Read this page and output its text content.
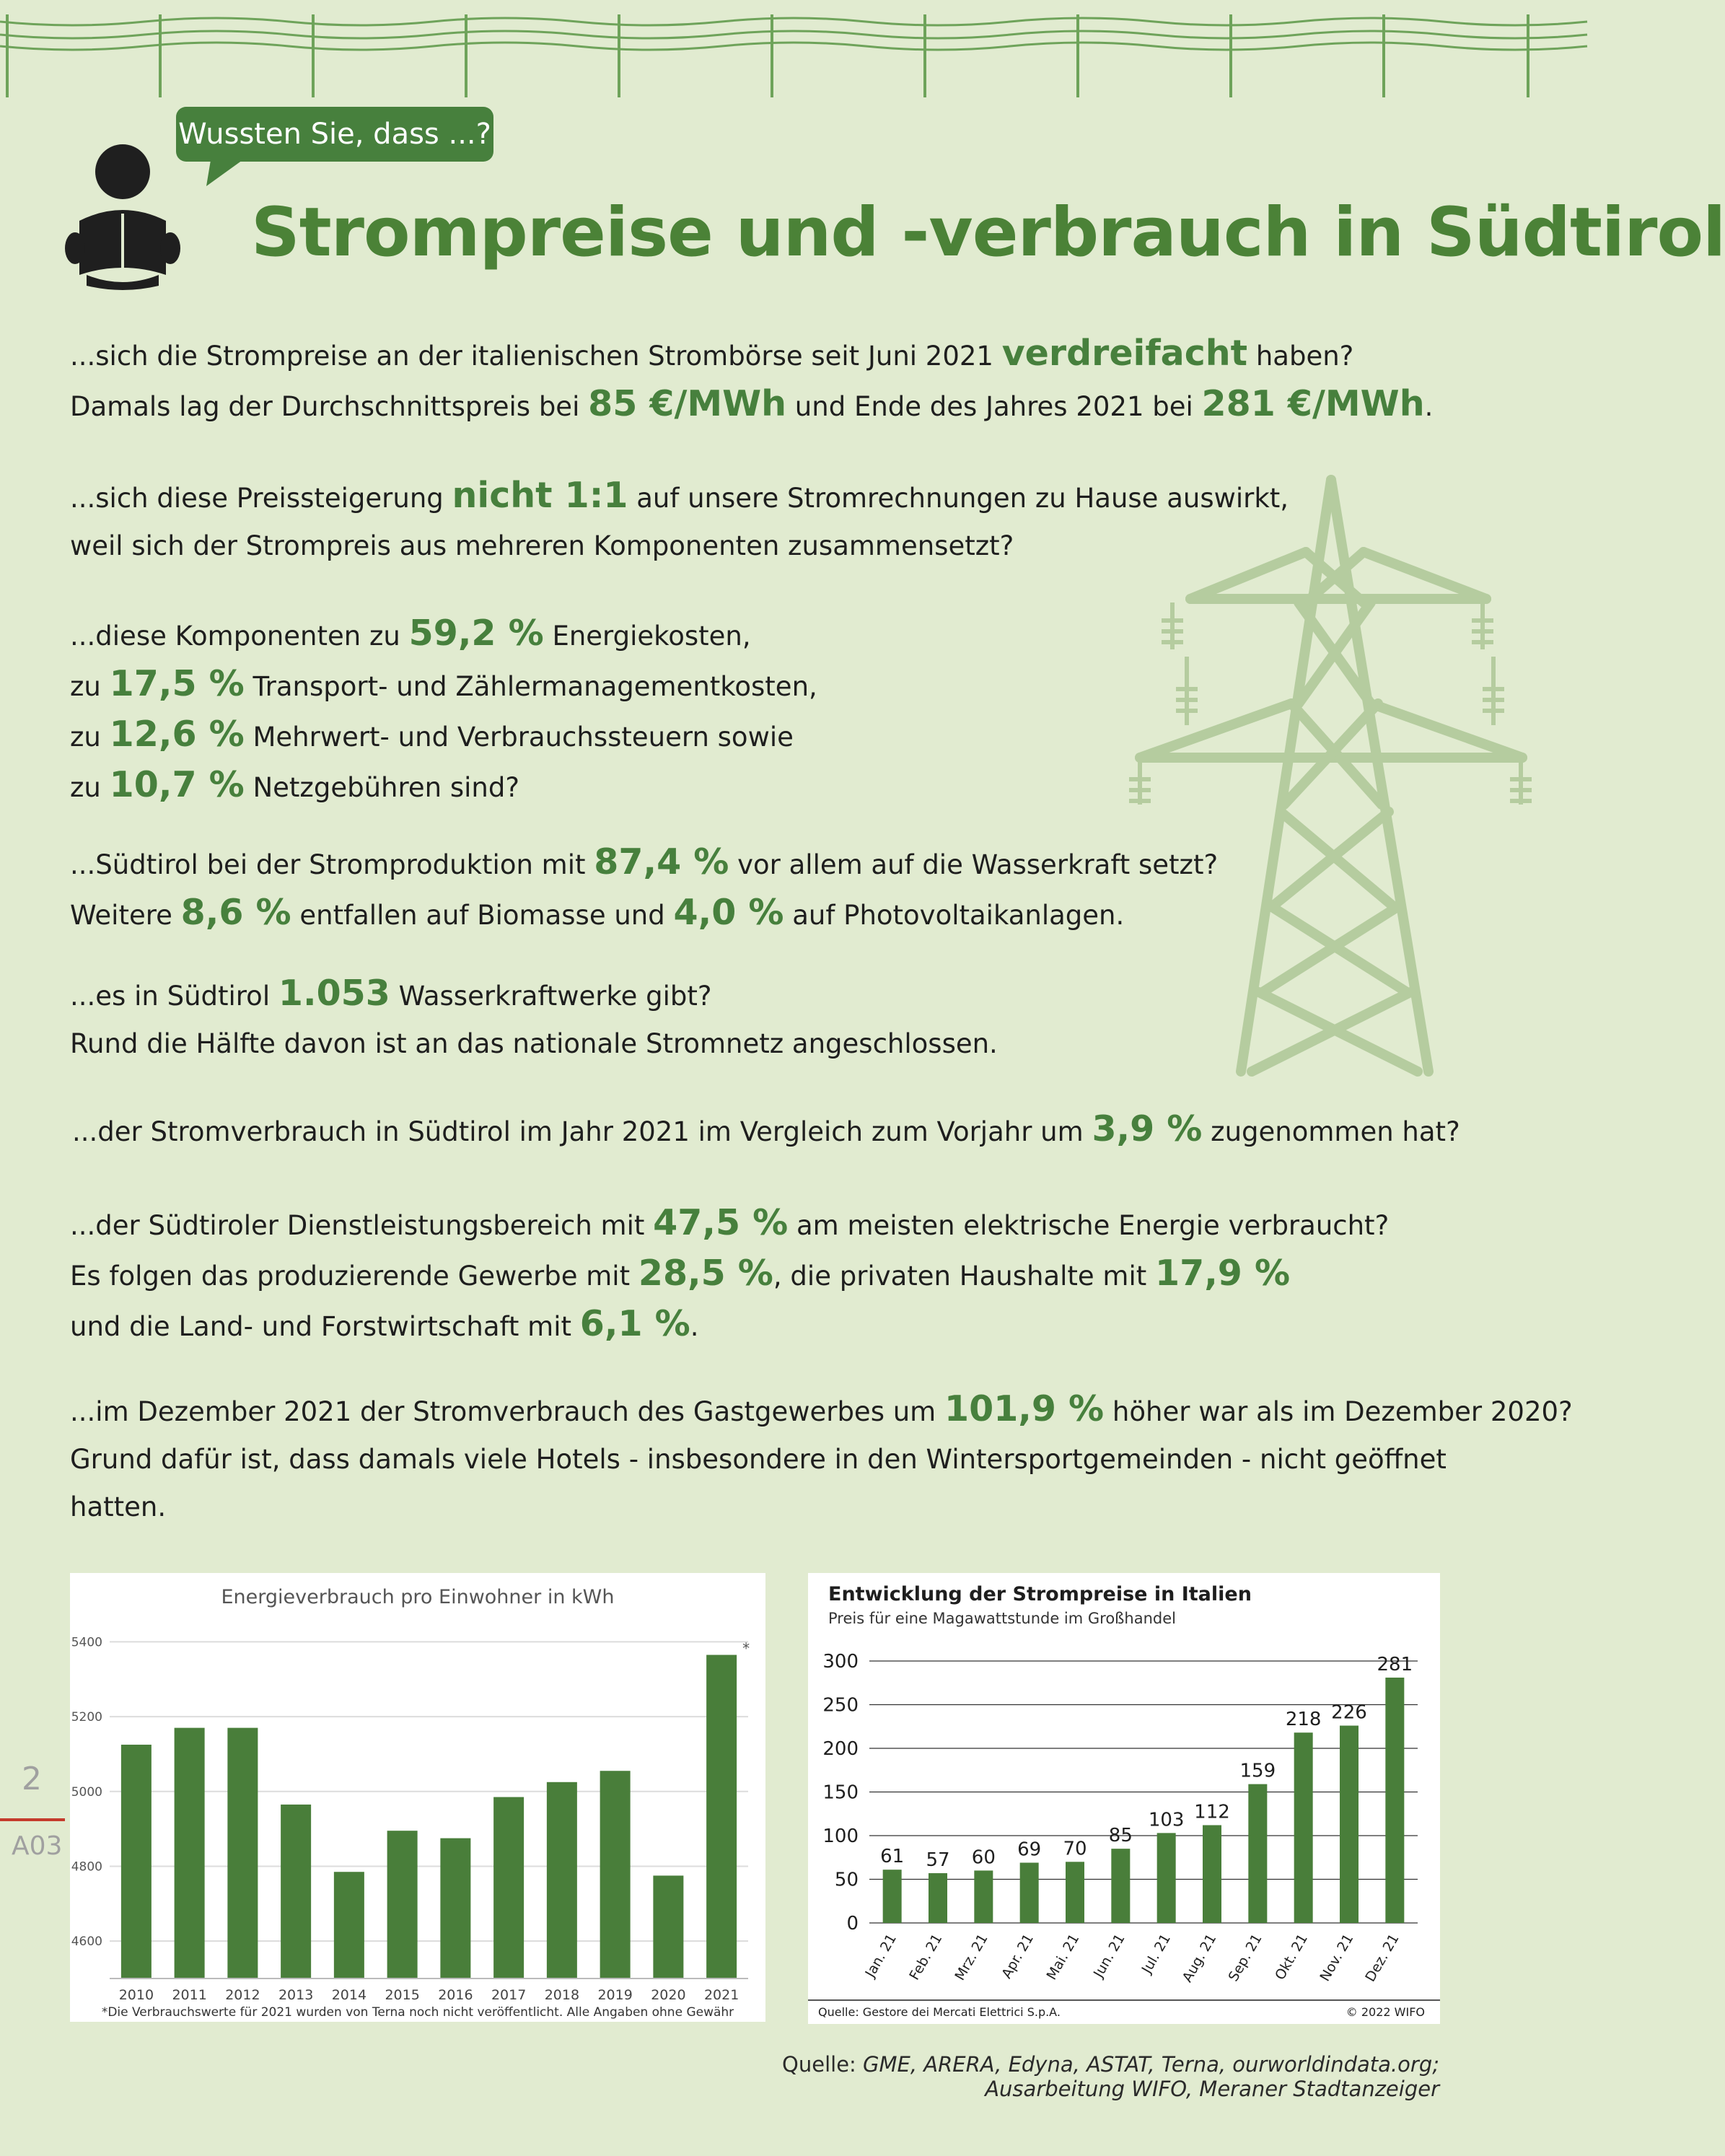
Wussten Sie, dass ...?
Strompreise und -verbrauch in Südtirol
...sich die Strompreise an der italienischen Strombörse seit Juni 2021 verdreifacht haben?
Damals lag der Durchschnittspreis bei 85 €/MWh und Ende des Jahres 2021 bei 281 €/MWh.
...sich diese Preissteigerung nicht 1:1 auf unsere Stromrechnungen zu Hause auswirkt,
weil sich der Strompreis aus mehreren Komponenten zusammensetzt?
...diese Komponenten zu 59,2 % Energiekosten,
zu 17,5 % Transport- und Zählermanagementkosten,
zu 12,6 % Mehrwert- und Verbrauchssteuern sowie
zu 10,7 % Netzgebühren sind?
...Südtirol bei der Stromproduktion mit 87,4 % vor allem auf die Wasserkraft setzt?
Weitere 8,6 % entfallen auf Biomasse und 4,0 % auf Photovoltaikanlagen.
...es in Südtirol 1.053 Wasserkraftwerke gibt?
Rund die Hälfte davon ist an das nationale Stromnetz angeschlossen.
...der Stromverbrauch in Südtirol im Jahr 2021 im Vergleich zum Vorjahr um 3,9 % zugenommen hat?
...der Südtiroler Dienstleistungsbereich mit 47,5 % am meisten elektrische Energie verbraucht?
Es folgen das produzierende Gewerbe mit 28,5 %, die privaten Haushalte mit 17,9 %
und die Land- und Forstwirtschaft mit 6,1 %.
...im Dezember 2021 der Stromverbrauch des Gastgewerbes um 101,9 % höher war als im Dezember 2020?
Grund dafür ist, dass damals viele Hotels - insbesondere in den Wintersportgemeinden - nicht geöffnet
hatten.
Energieverbrauch pro Einwohner in kWh
4600
4800
5000
5200
5400
2010 2011 2012 2013 2014 2015 2016 2017 2018 2019 2020 2021
*
*Die Verbrauchswerte für 2021 wurden von Terna noch nicht veröffentlicht. Alle Angaben ohne Gewähr
Entwicklung der Strompreise in Italien
Preis für eine Magawattstunde im Großhandel
0
50
100
150
200
250
300
61
Jan. 21
57
Feb. 21
60
Mrz. 21
69
Apr. 21
70
Mai. 21
85
Jun. 21
103
Jul. 21
112
Aug. 21
159
Sep. 21
218
Okt. 21
226
Nov. 21
281
Dez. 21
Quelle: Gestore dei Mercati Elettrici S.p.A.	© 2022 WIFO
2
A03
Quelle: GME, ARERA, Edyna, ASTAT, Terna, ourworldindata.org;
Ausarbeitung WIFO, Meraner Stadtanzeiger
